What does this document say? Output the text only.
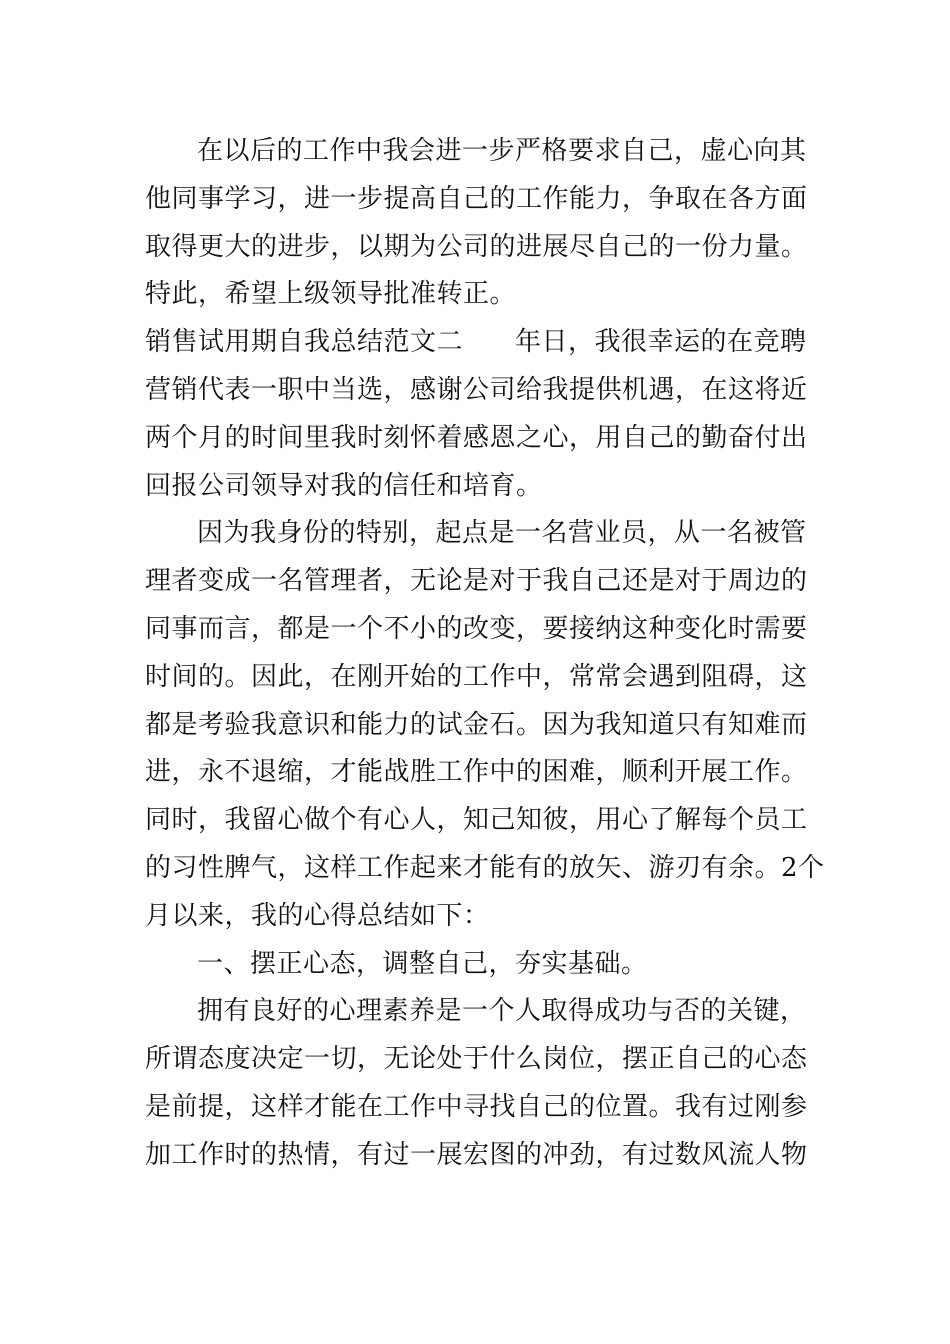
在以后的工作中我会进一步严格要求自己，虚心向其
他同事学习，进一步提高自己的工作能力，争取在各方面
取得更大的进步，以期为公司的进展尽自己的一份力量。
特此，希望上级领导批准转正。

销售试用期自我总结范文二 年日，我很幸运的在竞聘
营销代表一职中当选，感谢公司给我提供机遇，在这将近
两个月的时间里我时刻怀着感恩之心，用自己的勤奋付出
回报公司领导对我的信任和培育。

因为我身份的特别，起点是一名营业员，从一名被管
理者变成一名管理者，无论是对于我自己还是对于周边的
同事而言，都是一个不小的改变，要接纳这种变化时需要
时间的。因此，在刚开始的工作中，常常会遇到阻碍，这
都是考验我意识和能力的试金石。因为我知道只有知难而
进，永不退缩，才能战胜工作中的困难，顺利开展工作。
同时，我留心做个有心人，知己知彼，用心了解每个员工
的习性脾气，这样工作起来才能有的放矢、游刃有余。2个
月以来，我的心得总结如下：

一、摆正心态，调整自己，夯实基础。

拥有良好的心理素养是一个人取得成功与否的关键，
所谓态度决定一切，无论处于什么岗位，摆正自己的心态
是前提，这样才能在工作中寻找自己的位置。我有过刚参
加工作时的热情，有过一展宏图的冲劲，有过数风流人物
